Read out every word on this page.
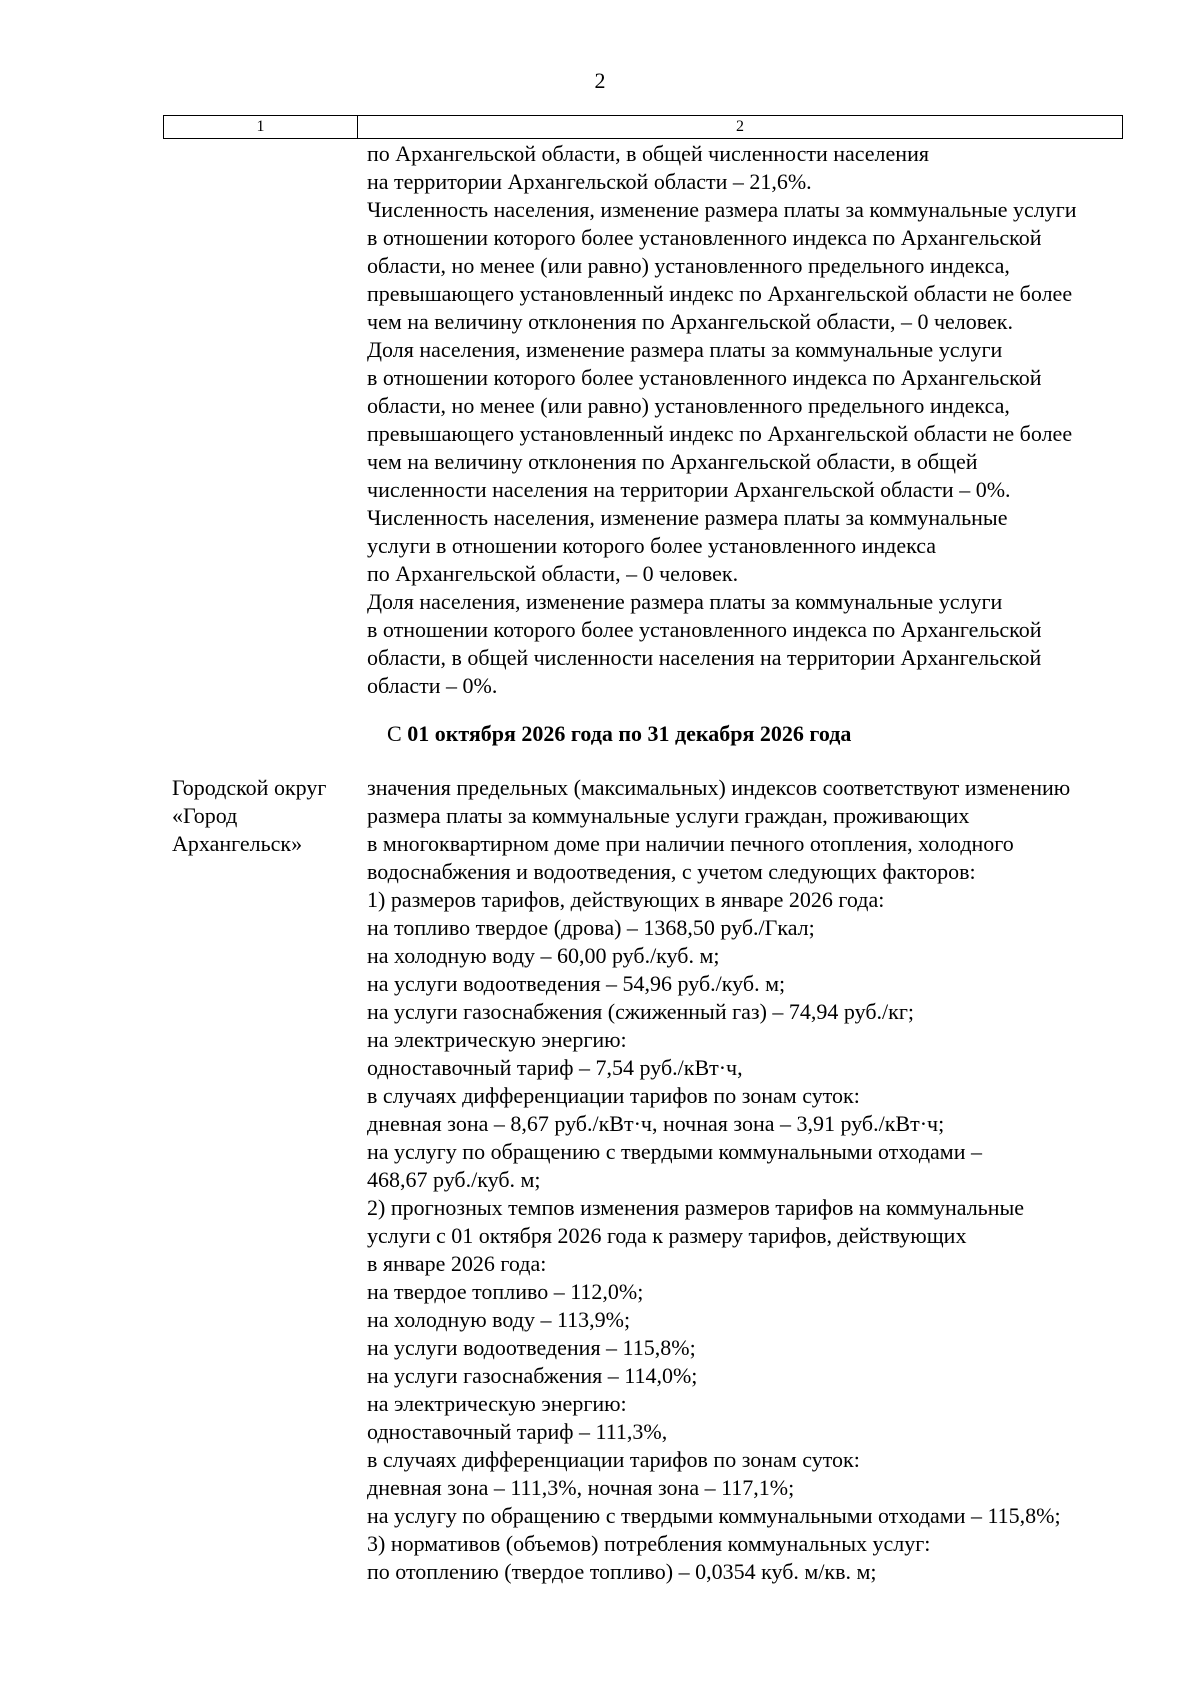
2
1	2
по Архангельской области, в общей численности населения
на территории Архангельской области – 21,6%.
Численность населения, изменение размера платы за коммунальные услуги
в отношении которого более установленного индекса по Архангельской
области, но менее (или равно) установленного предельного индекса,
превышающего установленный индекс по Архангельской области не более
чем на величину отклонения по Архангельской области, – 0 человек.
Доля населения, изменение размера платы за коммунальные услуги
в отношении которого более установленного индекса по Архангельской
области, но менее (или равно) установленного предельного индекса,
превышающего установленный индекс по Архангельской области не более
чем на величину отклонения по Архангельской области, в общей
численности населения на территории Архангельской области – 0%.
Численность населения, изменение размера платы за коммунальные
услуги в отношении которого более установленного индекса
по Архангельской области, – 0 человек.
Доля населения, изменение размера платы за коммунальные услуги
в отношении которого более установленного индекса по Архангельской
области, в общей численности населения на территории Архангельской
области – 0%.
С 01 октября 2026 года по 31 декабря 2026 года
Городской округ
«Город
Архангельск»
значения предельных (максимальных) индексов соответствуют изменению
размера платы за коммунальные услуги граждан, проживающих
в многоквартирном доме при наличии печного отопления, холодного
водоснабжения и водоотведения, с учетом следующих факторов:
1) размеров тарифов, действующих в январе 2026 года:
на топливо твердое (дрова) – 1368,50 руб./Гкал;
на холодную воду – 60,00 руб./куб. м;
на услуги водоотведения – 54,96 руб./куб. м;
на услуги газоснабжения (сжиженный газ) – 74,94 руб./кг;
на электрическую энергию:
одноставочный тариф – 7,54 руб./кВт·ч,
в случаях дифференциации тарифов по зонам суток:
дневная зона – 8,67 руб./кВт·ч, ночная зона – 3,91 руб./кВт·ч;
на услугу по обращению с твердыми коммунальными отходами –
468,67 руб./куб. м;
2) прогнозных темпов изменения размеров тарифов на коммунальные
услуги с 01 октября 2026 года к размеру тарифов, действующих
в январе 2026 года:
на твердое топливо – 112,0%;
на холодную воду – 113,9%;
на услуги водоотведения – 115,8%;
на услуги газоснабжения – 114,0%;
на электрическую энергию:
одноставочный тариф – 111,3%,
в случаях дифференциации тарифов по зонам суток:
дневная зона – 111,3%, ночная зона – 117,1%;
на услугу по обращению с твердыми коммунальными отходами – 115,8%;
3) нормативов (объемов) потребления коммунальных услуг:
по отоплению (твердое топливо) – 0,0354 куб. м/кв. м;
